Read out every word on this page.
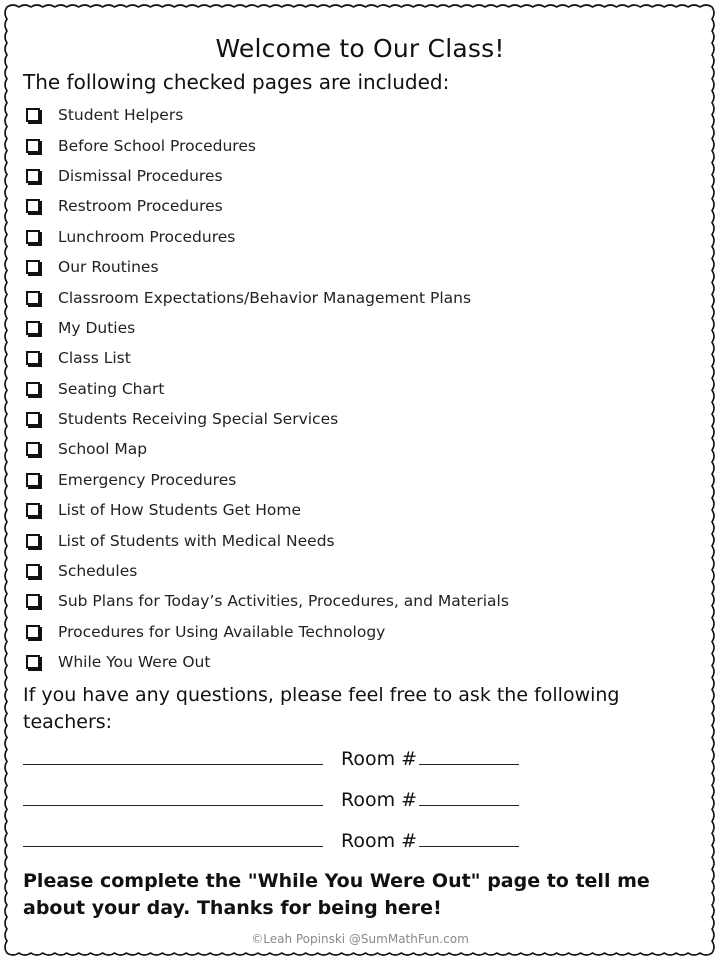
Welcome to Our Class!
The following checked pages are included:
Student Helpers
Before School Procedures
Dismissal Procedures
Restroom Procedures
Lunchroom Procedures
Our Routines
Classroom Expectations/Behavior Management Plans
My Duties
Class List
Seating Chart
Students Receiving Special Services
School Map
Emergency Procedures
List of How Students Get Home
List of Students with Medical Needs
Schedules
Sub Plans for Today’s Activities, Procedures, and Materials
Procedures for Using Available Technology
While You Were Out
If you have any questions, please feel free to ask the following teachers:
Room #
Room #
Room #
Please complete the "While You Were Out" page to tell me about your day. Thanks for being here!
©Leah Popinski @SumMathFun.com
